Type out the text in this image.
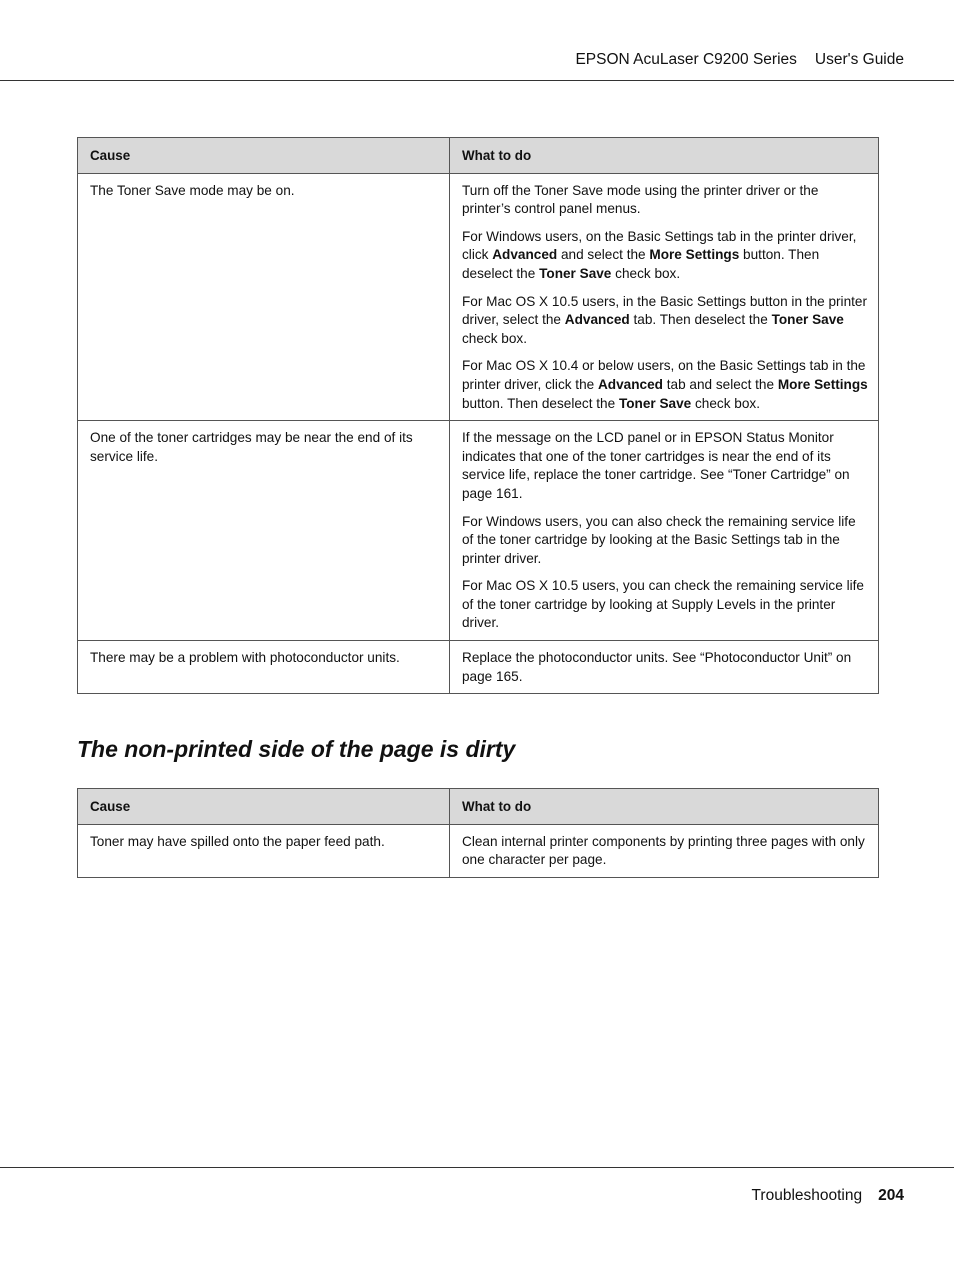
EPSON AcuLaser C9200 Series User's Guide
Cause	What to do
The Toner Save mode may be on.	Turn off the Toner Save mode using the printer driver or the printer’s control panel menus.

For Windows users, on the Basic Settings tab in the printer driver, click Advanced and select the More Settings button. Then deselect the Toner Save check box.

For Mac OS X 10.5 users, in the Basic Settings button in the printer driver, select the Advanced tab. Then deselect the Toner Save check box.

For Mac OS X 10.4 or below users, on the Basic Settings tab in the printer driver, click the Advanced tab and select the More Settings button. Then deselect the Toner Save check box.

One of the toner cartridges may be near the end of its service life.	If the message on the LCD panel or in EPSON Status Monitor indicates that one of the toner cartridges is near the end of its service life, replace the toner cartridge. See “Toner Cartridge” on page 161.

For Windows users, you can also check the remaining service life of the toner cartridge by looking at the Basic Settings tab in the printer driver.

For Mac OS X 10.5 users, you can check the remaining service life of the toner cartridge by looking at Supply Levels in the printer driver.

There may be a problem with photoconductor units.	Replace the photoconductor units. See “Photoconductor Unit” on page 165.

The non-printed side of the page is dirty
Cause	What to do
Toner may have spilled onto the paper feed path.	Clean internal printer components by printing three pages with only one character per page.

Troubleshooting 204
